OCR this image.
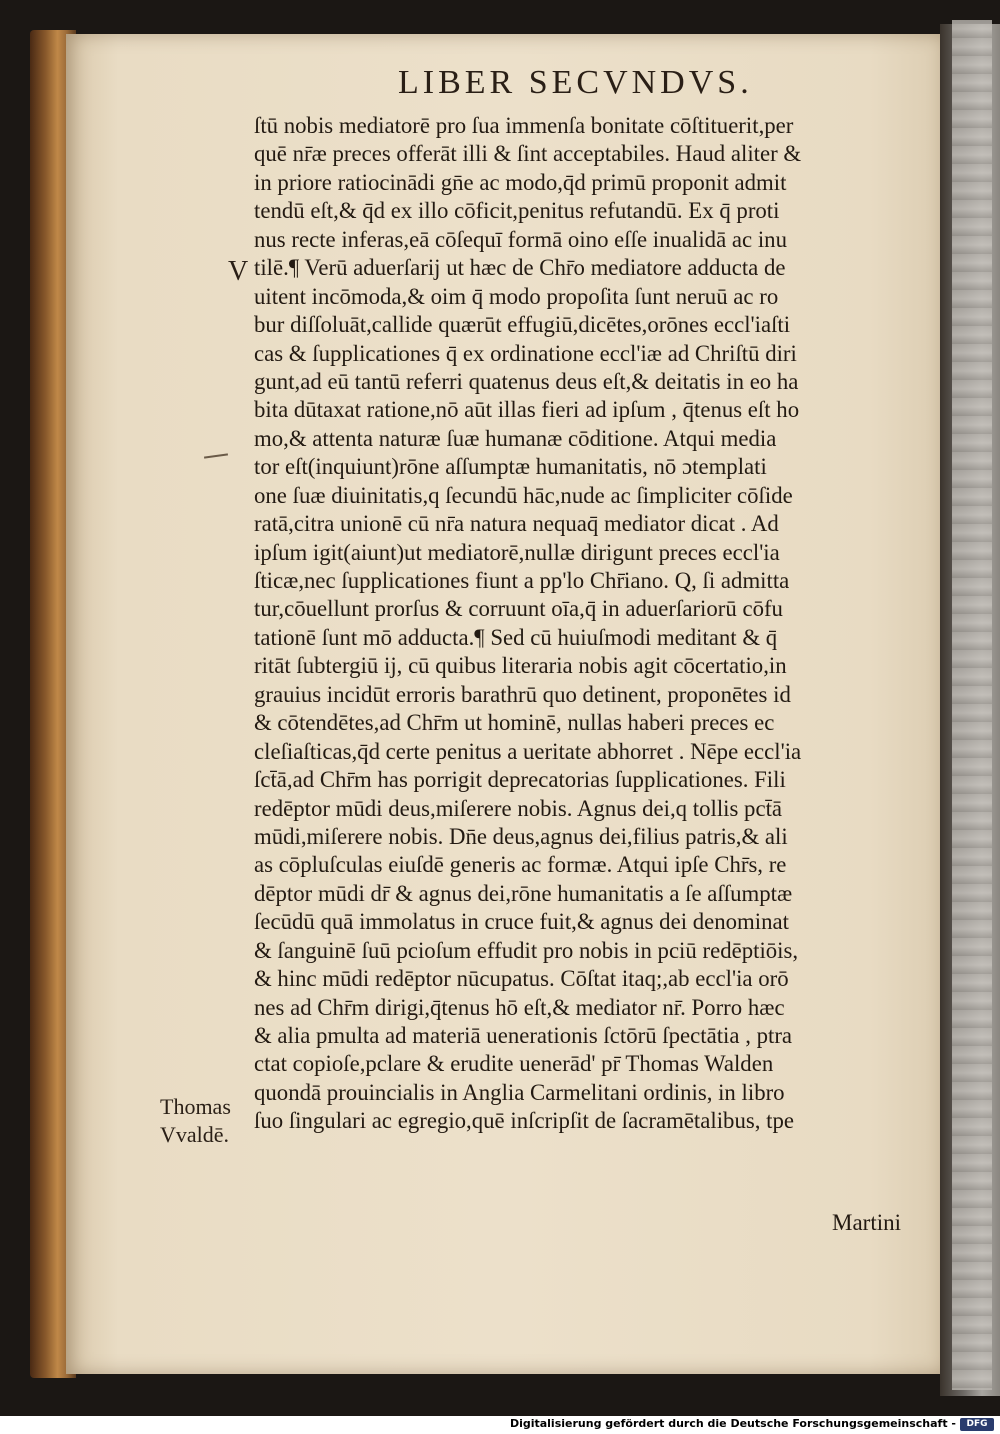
LIBER SECVNDVS.
V
Thomas
Vvaldē.
ſtū nobis mediatorē pro ſua immenſa bonitate cōſtituerit,per
quē nr̄æ preces offerāt illi & ſint acceptabiles. Haud aliter &
in priore ratiocinādi gn̄e ac modo,q̄d primū proponit admit
tendū eſt,& q̄d ex illo cōficit,penitus refutandū. Ex q̄ proti
nus recte inferas,eā cōſequī formā oino eſſe inualidā ac inu
tilē.¶ Verū aduerſarij ut hæc de Chr̄o mediatore adducta de
uitent incōmoda,& oim q̄ modo propoſita ſunt neruū ac ro
bur diſſoluāt,callide quærūt effugiū,dicētes,orōnes eccl'iaſti
cas & ſupplicationes q̄ ex ordinatione eccl'iæ ad Chriſtū diri
gunt,ad eū tantū referri quatenus deus eſt,& deitatis in eo ha
bita dūtaxat ratione,nō aūt illas fieri ad ipſum , q̄tenus eſt ho
mo,& attenta naturæ ſuæ humanæ cōditione. Atqui media
tor eſt(inquiunt)rōne aſſumptæ humanitatis, nō ɔtemplati
one ſuæ diuinitatis,q ſecundū hāc,nude ac ſimpliciter cōſide
ratā,citra unionē cū nr̄a natura nequaq̄ mediator dicat . Ad
ipſum igit(aiunt)ut mediatorē,nullæ dirigunt preces eccl'ia
ſticæ,nec ſupplicationes fiunt a pp'lo Chr̄iano. Q, ſi admitta
tur,cōuellunt prorſus & corruunt oīa,q̄ in aduerſariorū cōfu
tationē ſunt mō adducta.¶ Sed cū huiuſmodi meditant & q̄
ritāt ſubtergiū ij, cū quibus literaria nobis agit cōcertatio,in
grauius incidūt erroris barathrū quo detinent, proponētes id
& cōtendētes,ad Chr̄m ut hominē, nullas haberi preces ec
cleſiaſticas,q̄d certe penitus a ueritate abhorret . Nēpe eccl'ia
ſct̄ā,ad Chr̄m has porrigit deprecatorias ſupplicationes. Fili
redēptor mūdi deus,miſerere nobis. Agnus dei,q tollis pct̄ā
mūdi,miſerere nobis. Dn̄e deus,agnus dei,filius patris,& ali
as cōpluſculas eiuſdē generis ac formæ. Atqui ipſe Chr̄s, re
dēptor mūdi dr̄ & agnus dei,rōne humanitatis a ſe aſſumptæ
ſecūdū quā immolatus in cruce fuit,& agnus dei denominat
& ſanguinē ſuū pcioſum effudit pro nobis in pciū redēptiōis,
& hinc mūdi redēptor nūcupatus. Cōſtat itaq;,ab eccl'ia orō
nes ad Chr̄m dirigi,q̄tenus hō eſt,& mediator nr̄. Porro hæc
& alia pmulta ad materiā uenerationis ſctōrū ſpectātia , ptra
ctat copioſe,pclare & erudite uenerād' pr̄ Thomas Walden
quondā prouincialis in Anglia Carmelitani ordinis, in libro
ſuo ſingulari ac egregio,quē inſcripſit de ſacramētalibus, tpe
Martini
Digitalisierung gefördert durch die Deutsche Forschungsgemeinschaft -	DFG
